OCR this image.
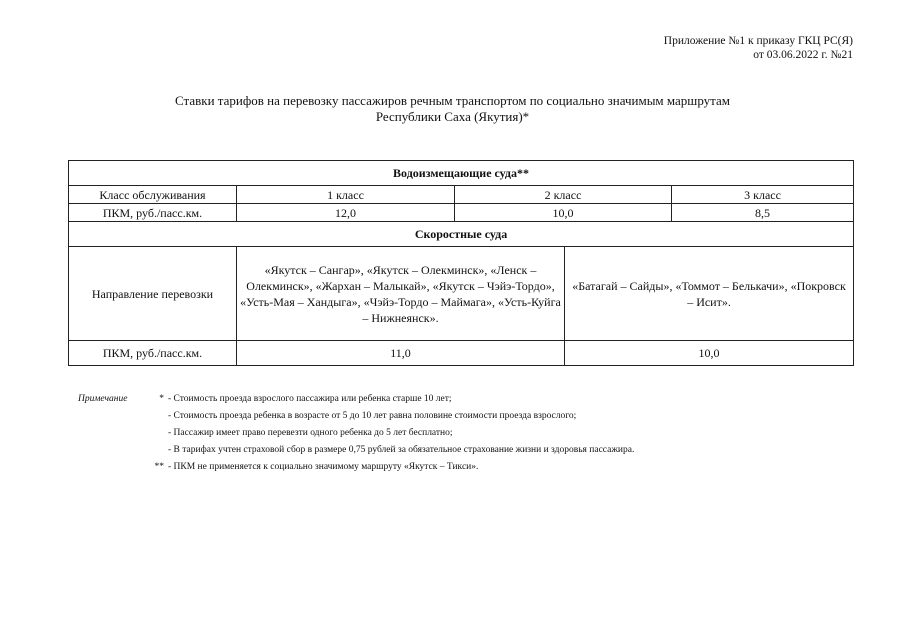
Приложение №1 к приказу ГКЦ РС(Я)
от 03.06.2022 г. №21
Ставки тарифов на перевозку пассажиров речным транспортом по социально значимым маршрутам
Республики Саха (Якутия)*
Водоизмещающие суда**				
Класс обслуживания	1 класс	2 класс		3 класс
ПКМ, руб./пасс.км.	12,0	10,0		8,5
Скоростные суда				
Направление перевозки	«Якутск – Сангар», «Якутск – Олекминск», «Ленск – Олекминск», «Жархан – Малыкай», «Якутск – Чэйэ-Тордо», «Усть-Мая – Хандыга», «Чэйэ-Тордо – Маймага», «Усть-Куйга – Нижнеянск».		«Батагай – Сайды», «Томмот – Белькачи», «Покровск – Исит».	
ПКМ, руб./пасс.км.	11,0		10,0	
Примечание	* - Стоимость проезда взрослого пассажира или ребенка старше 10 лет;
- Стоимость проезда ребенка в возрасте от 5 до 10 лет равна половине стоимости проезда взрослого;
- Пассажир имеет право перевезти одного ребенка до 5 лет бесплатно;
- В тарифах учтен страховой сбор в размере 0,75 рублей за обязательное страхование жизни и здоровья пассажира.
** - ПКМ не применяется к социально значимому маршруту «Якутск – Тикси».
